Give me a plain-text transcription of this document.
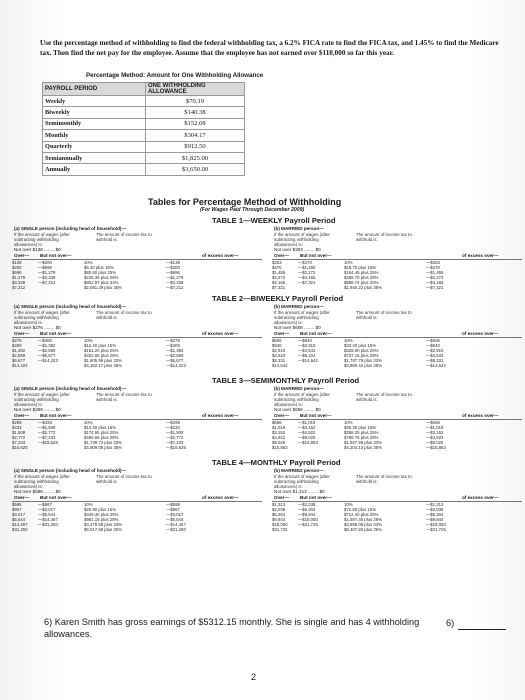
Use the percentage method of withholding to find the federal withholding tax, a 6.2% FICA rate to find the FICA tax, and 1.45% to find the Medicare tax. Then find the net pay for the employee. Assume that the employee has not earned over $110,000 so far this year.
Percentage Method: Amount for One Withholding Allowance
PAYROLL PERIOD	ONE WITHHOLDING ALLOWANCE
Weekly	$70.19
Biweekly	$140.38
Semimonthly	$152.08
Monthly	$304.17
Quarterly	$912.50
Semiannually	$1,825.00
Annually	$3,650.00
Tables for Percentage Method of Withholding
(For Wages Paid Through December 2009)
TABLE 1—WEEKLY Payroll Period
(a) SINGLE person (including head of household)—
If the amount of wages (after subtracting withholding allowances) is:
The amount of income tax to withhold is:
Not over $138 ........ $0
Over— But not over—	of excess over—
$138	—$200	10%	—$138
$200	—$696	$6.20 plus 15%	—$200
$696	—$1,279	$80.60 plus 25%	—$696
$1,279	—$3,338	$226.35 plus 28%	—$1,279
$3,338	—$7,212	$802.87 plus 33%	—$3,338
$7,212	$2,081.29 plus 35%	—$7,212
(b) MARRIED person—
If the amount of wages (after subtracting withholding allowances) is:
The amount of income tax to withhold is:
Not over $303 ........ $0
Over— But not over—	of excess over—
$303	—$470	10%	—$303
$470	—$1,455	$16.70 plus 15%	—$470
$1,455	—$2,272	$164.45 plus 25%	—$1,455
$2,272	—$4,165	$368.70 plus 28%	—$2,272
$4,165	—$7,321	$898.74 plus 33%	—$4,165
$7,321	$1,940.22 plus 35%	—$7,321
TABLE 2—BIWEEKLY Payroll Period
(a) SINGLE person (including head of household)—
If the amount of wages (after subtracting withholding allowances) is:
The amount of income tax to withhold is:
Not over $276 ........ $0
Over— But not over—	of excess over—
$276	—$400	10%	—$276
$400	—$1,392	$12.40 plus 15%	—$400
$1,392	—$2,559	$161.20 plus 25%	—$1,392
$2,559	—$6,677	$452.95 plus 28%	—$2,559
$6,677	—$14,423	$1,605.99 plus 33%	—$6,677
$14,423	$4,162.17 plus 35%	—$14,423
(b) MARRIED person—
If the amount of wages (after subtracting withholding allowances) is:
The amount of income tax to withhold is:
Not over $606 ........ $0
Over— But not over—	of excess over—
$606	—$940	10%	—$606
$940	—$2,910	$33.40 plus 15%	—$940
$2,910	—$4,543	$328.90 plus 25%	—$2,910
$4,543	—$8,331	$737.15 plus 28%	—$4,543
$8,331	—$14,642	$1,797.79 plus 33%	—$8,331
$14,642	$3,880.42 plus 35%	—$14,642
TABLE 3—SEMIMONTHLY Payroll Period
(a) SINGLE person (including head of household)—
If the amount of wages (after subtracting withholding allowances) is:
The amount of income tax to withhold is:
Not over $299 ........ $0
Over— But not over—	of excess over—
$299	—$433	10%	—$299
$433	—$1,508	$13.40 plus 15%	—$433
$1,508	—$2,772	$174.65 plus 25%	—$1,508
$2,772	—$7,233	$490.65 plus 28%	—$2,772
$7,233	—$15,625	$1,739.73 plus 33%	—$7,233
$15,625	$4,509.09 plus 35%	—$15,625
(b) MARRIED person—
If the amount of wages (after subtracting withholding allowances) is:
The amount of income tax to withhold is:
Not over $656 ........ $0
Over— But not over—	of excess over—
$656	—$1,019	10%	—$656
$1,019	—$3,152	$36.30 plus 15%	—$1,019
$3,152	—$4,922	$356.25 plus 25%	—$3,152
$4,922	—$9,025	$798.75 plus 28%	—$4,922
$9,025	—$15,863	$1,947.59 plus 33%	—$9,025
$15,863	$4,204.13 plus 35%	—$15,863
TABLE 4—MONTHLY Payroll Period
(a) SINGLE person (including head of household)—
If the amount of wages (after subtracting withholding allowances) is:
The amount of income tax to withhold is:
Not over $598 ........ $0
Over— But not over—	of excess over—
$598	—$867	10%	—$598
$867	—$3,017	$26.90 plus 15%	—$867
$3,017	—$5,544	$349.40 plus 25%	—$3,017
$5,544	—$14,467	$981.15 plus 28%	—$5,544
$14,467	—$31,250	$3,479.59 plus 33%	—$14,467
$31,250	$9,017.98 plus 35%	—$31,250
(b) MARRIED person—
If the amount of wages (after subtracting withholding allowances) is:
The amount of income tax to withhold is:
Not over $1,313 ........ $0
Over— But not over—	of excess over—
$1,313	—$2,038	10%	—$1,313
$2,038	—$6,304	$72.50 plus 15%	—$2,038
$6,304	—$9,844	$712.40 plus 25%	—$6,304
$9,844	—$18,050	$1,597.40 plus 28%	—$9,844
$18,050	—$31,725	$3,895.08 plus 33%	—$18,050
$31,725	$8,407.83 plus 35%	—$31,725
6) Karen Smith has gross earnings of $5312.15 monthly. She is single and has 4 withholding allowances.
6)
2
